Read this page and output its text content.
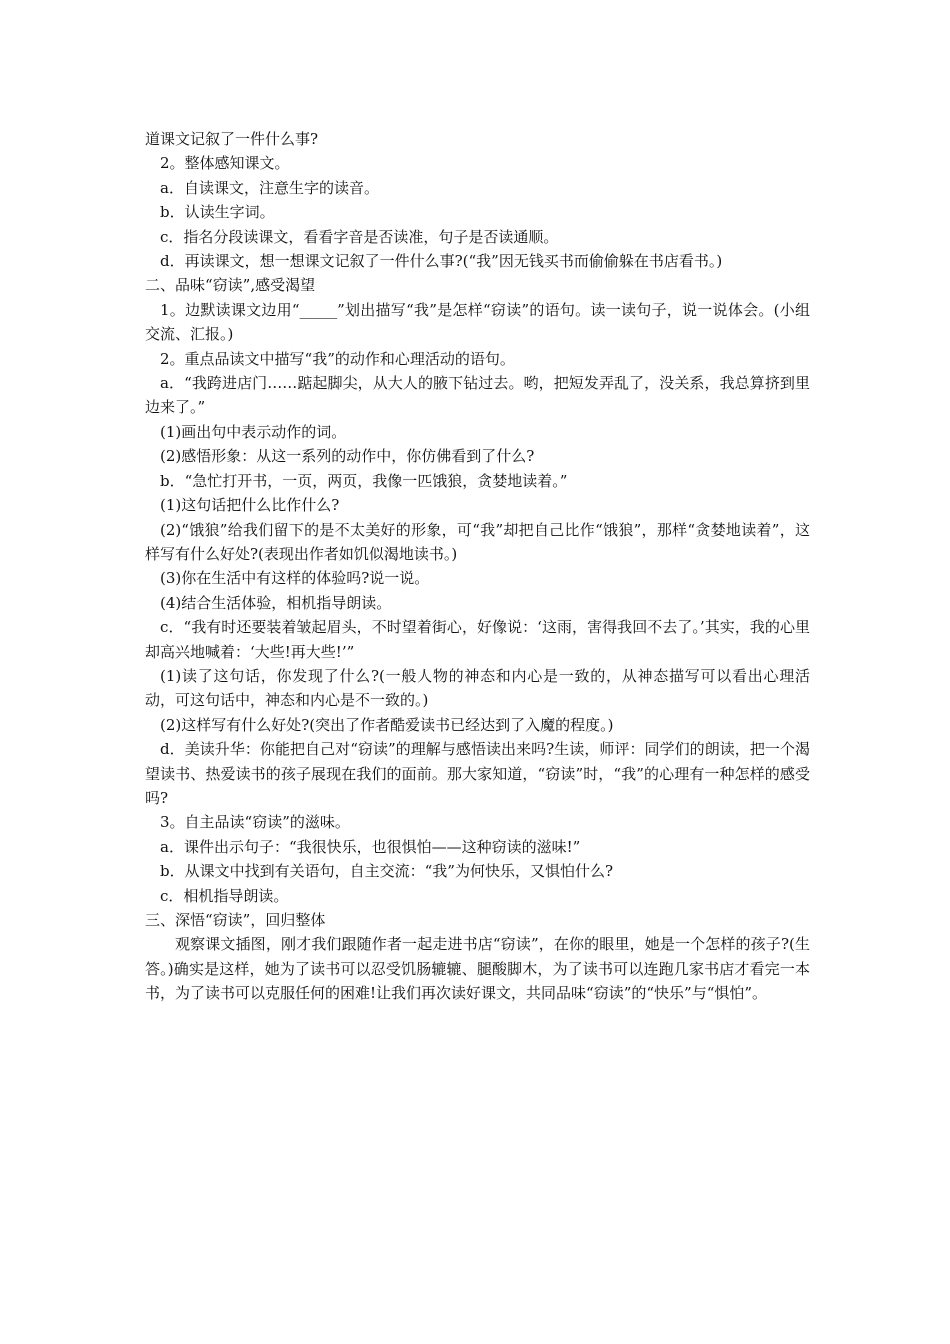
道课文记叙了一件什么事?

2。整体感知课文。

a．自读课文，注意生字的读音。

b．认读生字词。

c．指名分段读课文，看看字音是否读准，句子是否读通顺。

d．再读课文，想一想课文记叙了一件什么事?(“我”因无钱买书而偷偷躲在书店看书。)

二、品味“窃读”,感受渴望

1。边默读课文边用“_____”划出描写“我”是怎样“窃读”的语句。读一读句子，说一说体会。(小组交流、汇报。)

2。重点品读文中描写“我”的动作和心理活动的语句。

a．“我跨进店门……踮起脚尖，从大人的腋下钻过去。哟，把短发弄乱了，没关系，我总算挤到里边来了。”

(1)画出句中表示动作的词。

(2)感悟形象：从这一系列的动作中，你仿佛看到了什么?

b．“急忙打开书，一页，两页，我像一匹饿狼，贪婪地读着。”

(1)这句话把什么比作什么?

(2)“饿狼”给我们留下的是不太美好的形象，可“我”却把自己比作“饿狼”，那样“贪婪地读着”，这样写有什么好处?(表现出作者如饥似渴地读书。)

(3)你在生活中有这样的体验吗?说一说。

(4)结合生活体验，相机指导朗读。

c．“我有时还要装着皱起眉头，不时望着街心，好像说：‘这雨，害得我回不去了。’其实，我的心里却高兴地喊着：‘大些!再大些!’”

(1)读了这句话，你发现了什么?(一般人物的神态和内心是一致的，从神态描写可以看出心理活动，可这句话中，神态和内心是不一致的。)

(2)这样写有什么好处?(突出了作者酷爱读书已经达到了入魔的程度。)

d．美读升华：你能把自己对“窃读”的理解与感悟读出来吗?生读，师评：同学们的朗读，把一个渴望读书、热爱读书的孩子展现在我们的面前。那大家知道，“窃读”时，“我”的心理有一种怎样的感受吗?

3。自主品读“窃读”的滋味。

a．课件出示句子：“我很快乐，也很惧怕——这种窃读的滋味!”

b．从课文中找到有关语句，自主交流：“我”为何快乐，又惧怕什么?

c．相机指导朗读。

三、深悟“窃读”，回归整体

观察课文插图，刚才我们跟随作者一起走进书店“窃读”，在你的眼里，她是一个怎样的孩子?(生答。)确实是这样，她为了读书可以忍受饥肠辘辘、腿酸脚木，为了读书可以连跑几家书店才看完一本书，为了读书可以克服任何的困难!让我们再次读好课文，共同品味“窃读”的“快乐”与“惧怕”。
